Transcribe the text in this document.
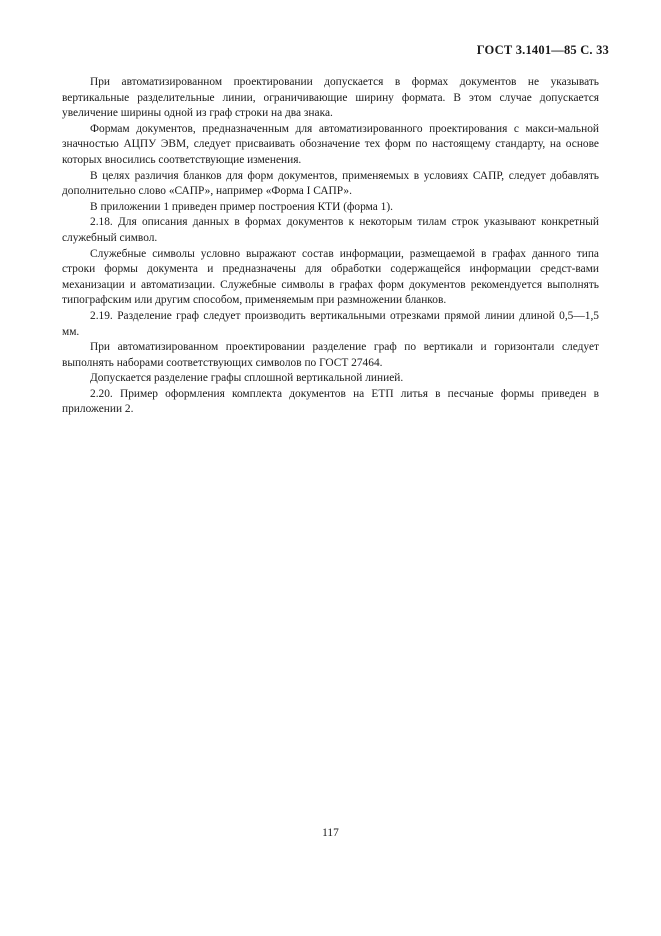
ГОСТ 3.1401—85 С. 33

При автоматизированном проектировании допускается в формах документов не указывать вертикальные разделительные линии, ограничивающие ширину формата. В этом случае допускается увеличение ширины одной из граф строки на два знака.

Формам документов, предназначенным для автоматизированного проектирования с макси-мальной значностью АЦПУ ЭВМ, следует присваивать обозначение тех форм по настоящему стандарту, на основе которых вносились соответствующие изменения.

В целях различия бланков для форм документов, применяемых в условиях САПР, следует добавлять дополнительно слово «САПР», например «Форма I САПР».

В приложении 1 приведен пример построения КТИ (форма 1).

2.18. Для описания данных в формах документов к некоторым тилам строк указывают конкретный служебный символ.

Служебные символы условно выражают состав информации, размещаемой в графах данного типа строки формы документа и предназначены для обработки содержащейся информации средст-вами механизации и автоматизации. Служебные символы в графах форм документов рекомендуется выполнять типографским или другим способом, применяемым при размножении бланков.

2.19. Разделение граф следует производить вертикальными отрезками прямой линии длиной 0,5—1,5 мм.

При автоматизированном проектировании разделение граф по вертикали и горизонтали следует выполнять наборами соответствующих символов по ГОСТ 27464.

Допускается разделение графы сплошной вертикальной линией.

2.20. Пример оформления комплекта документов на ЕТП литья в песчаные формы приведен в приложении 2.

117
